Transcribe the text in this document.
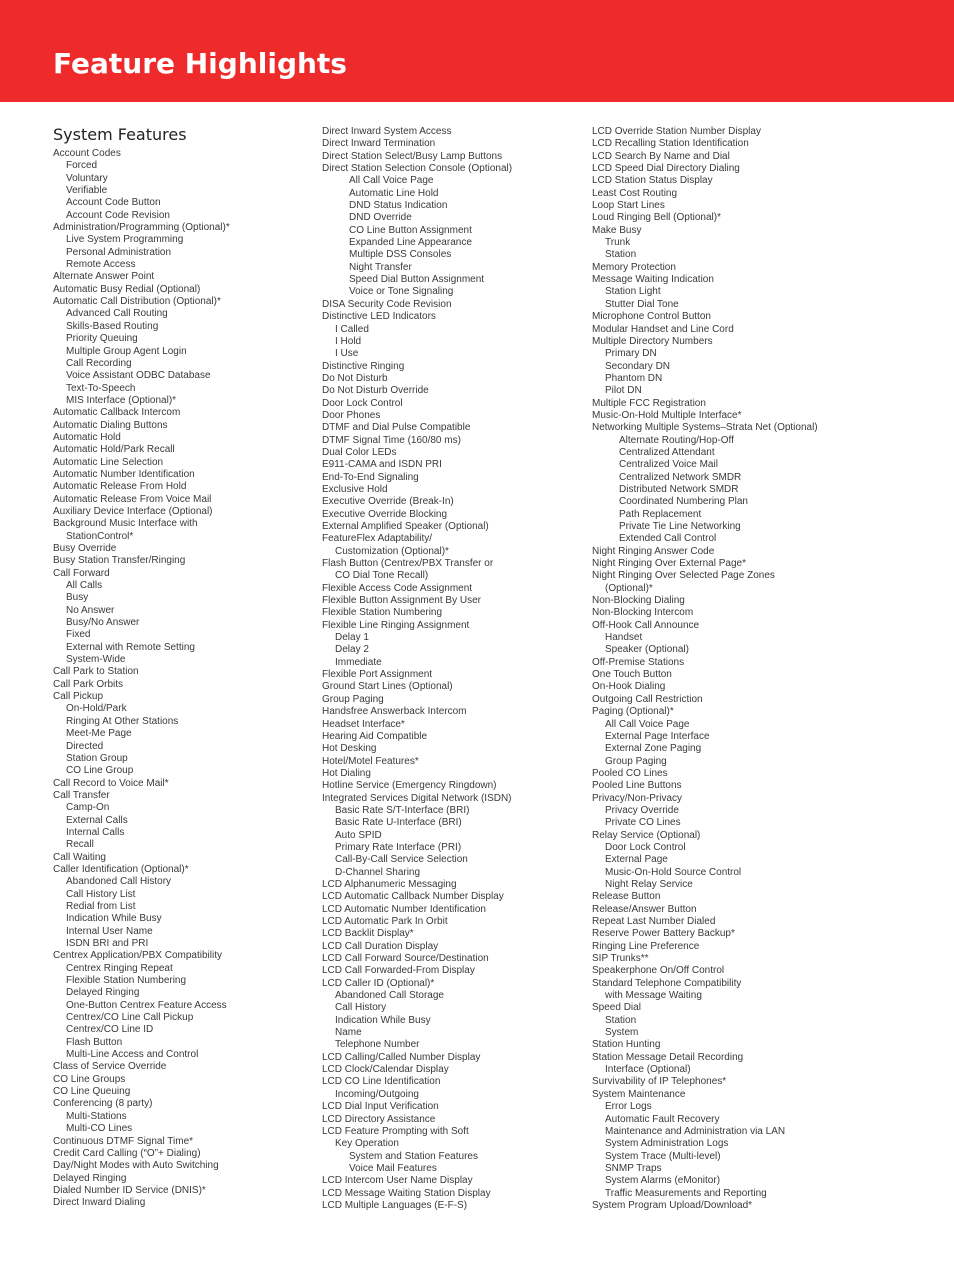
Feature Highlights
System Features
Account Codes
Forced
Voluntary
Verifiable
Account Code Button
Account Code Revision
Administration/Programming (Optional)*
Live System Programming
Personal Administration
Remote Access
Alternate Answer Point
Automatic Busy Redial (Optional)
Automatic Call Distribution (Optional)*
Advanced Call Routing
Skills-Based Routing
Priority Queuing
Multiple Group Agent Login
Call Recording
Voice Assistant ODBC Database
Text-To-Speech
MIS Interface (Optional)*
Automatic Callback Intercom
Automatic Dialing Buttons
Automatic Hold
Automatic Hold/Park Recall
Automatic Line Selection
Automatic Number Identification
Automatic Release From Hold
Automatic Release From Voice Mail
Auxiliary Device Interface (Optional)
Background Music Interface with
StationControl*
Busy Override
Busy Station Transfer/Ringing
Call Forward
All Calls
Busy
No Answer
Busy/No Answer
Fixed
External with Remote Setting
System-Wide
Call Park to Station
Call Park Orbits
Call Pickup
On-Hold/Park
Ringing At Other Stations
Meet-Me Page
Directed
Station Group
CO Line Group
Call Record to Voice Mail*
Call Transfer
Camp-On
External Calls
Internal Calls
Recall
Call Waiting
Caller Identification (Optional)*
Abandoned Call History
Call History List
Redial from List
Indication While Busy
Internal User Name
ISDN BRI and PRI
Centrex Application/PBX Compatibility
Centrex Ringing Repeat
Flexible Station Numbering
Delayed Ringing
One-Button Centrex Feature Access
Centrex/CO Line Call Pickup
Centrex/CO Line ID
Flash Button
Multi-Line Access and Control
Class of Service Override
CO Line Groups
CO Line Queuing
Conferencing (8 party)
Multi-Stations
Multi-CO Lines
Continuous DTMF Signal Time*
Credit Card Calling (“O”+ Dialing)
Day/Night Modes with Auto Switching
Delayed Ringing
Dialed Number ID Service (DNIS)*
Direct Inward Dialing
Direct Inward System Access
Direct Inward Termination
Direct Station Select/Busy Lamp Buttons
Direct Station Selection Console (Optional)
All Call Voice Page
Automatic Line Hold
DND Status Indication
DND Override
CO Line Button Assignment
Expanded Line Appearance
Multiple DSS Consoles
Night Transfer
Speed Dial Button Assignment
Voice or Tone Signaling
DISA Security Code Revision
Distinctive LED Indicators
I Called
I Hold
I Use
Distinctive Ringing
Do Not Disturb
Do Not Disturb Override
Door Lock Control
Door Phones
DTMF and Dial Pulse Compatible
DTMF Signal Time (160/80 ms)
Dual Color LEDs
E911-CAMA and ISDN PRI
End-To-End Signaling
Exclusive Hold
Executive Override (Break-In)
Executive Override Blocking
External Amplified Speaker (Optional)
FeatureFlex Adaptability/
Customization (Optional)*
Flash Button (Centrex/PBX Transfer or
CO Dial Tone Recall)
Flexible Access Code Assignment
Flexible Button Assignment By User
Flexible Station Numbering
Flexible Line Ringing Assignment
Delay 1
Delay 2
Immediate
Flexible Port Assignment
Ground Start Lines (Optional)
Group Paging
Handsfree Answerback Intercom
Headset Interface*
Hearing Aid Compatible
Hot Desking
Hotel/Motel Features*
Hot Dialing
Hotline Service (Emergency Ringdown)
Integrated Services Digital Network (ISDN)
Basic Rate S/T-Interface (BRI)
Basic Rate U-Interface (BRI)
Auto SPID
Primary Rate Interface (PRI)
Call-By-Call Service Selection
D-Channel Sharing
LCD Alphanumeric Messaging
LCD Automatic Callback Number Display
LCD Automatic Number Identification
LCD Automatic Park In Orbit
LCD Backlit Display*
LCD Call Duration Display
LCD Call Forward Source/Destination
LCD Call Forwarded-From Display
LCD Caller ID (Optional)*
Abandoned Call Storage
Call History
Indication While Busy
Name
Telephone Number
LCD Calling/Called Number Display
LCD Clock/Calendar Display
LCD CO Line Identification
Incoming/Outgoing
LCD Dial Input Verification
LCD Directory Assistance
LCD Feature Prompting with Soft
Key Operation
System and Station Features
Voice Mail Features
LCD Intercom User Name Display
LCD Message Waiting Station Display
LCD Multiple Languages (E-F-S)
LCD Override Station Number Display
LCD Recalling Station Identification
LCD Search By Name and Dial
LCD Speed Dial Directory Dialing
LCD Station Status Display
Least Cost Routing
Loop Start Lines
Loud Ringing Bell (Optional)*
Make Busy
Trunk
Station
Memory Protection
Message Waiting Indication
Station Light
Stutter Dial Tone
Microphone Control Button
Modular Handset and Line Cord
Multiple Directory Numbers
Primary DN
Secondary DN
Phantom DN
Pilot DN
Multiple FCC Registration
Music-On-Hold Multiple Interface*
Networking Multiple Systems–Strata Net (Optional)
Alternate Routing/Hop-Off
Centralized Attendant
Centralized Voice Mail
Centralized Network SMDR
Distributed Network SMDR
Coordinated Numbering Plan
Path Replacement
Private Tie Line Networking
Extended Call Control
Night Ringing Answer Code
Night Ringing Over External Page*
Night Ringing Over Selected Page Zones
(Optional)*
Non-Blocking Dialing
Non-Blocking Intercom
Off-Hook Call Announce
Handset
Speaker (Optional)
Off-Premise Stations
One Touch Button
On-Hook Dialing
Outgoing Call Restriction
Paging (Optional)*
All Call Voice Page
External Page Interface
External Zone Paging
Group Paging
Pooled CO Lines
Pooled Line Buttons
Privacy/Non-Privacy
Privacy Override
Private CO Lines
Relay Service (Optional)
Door Lock Control
External Page
Music-On-Hold Source Control
Night Relay Service
Release Button
Release/Answer Button
Repeat Last Number Dialed
Reserve Power Battery Backup*
Ringing Line Preference
SIP Trunks**
Speakerphone On/Off Control
Standard Telephone Compatibility
with Message Waiting
Speed Dial
Station
System
Station Hunting
Station Message Detail Recording
Interface (Optional)
Survivability of IP Telephones*
System Maintenance
Error Logs
Automatic Fault Recovery
Maintenance and Administration via LAN
System Administration Logs
System Trace (Multi-level)
SNMP Traps
System Alarms (eMonitor)
Traffic Measurements and Reporting
System Program Upload/Download*
